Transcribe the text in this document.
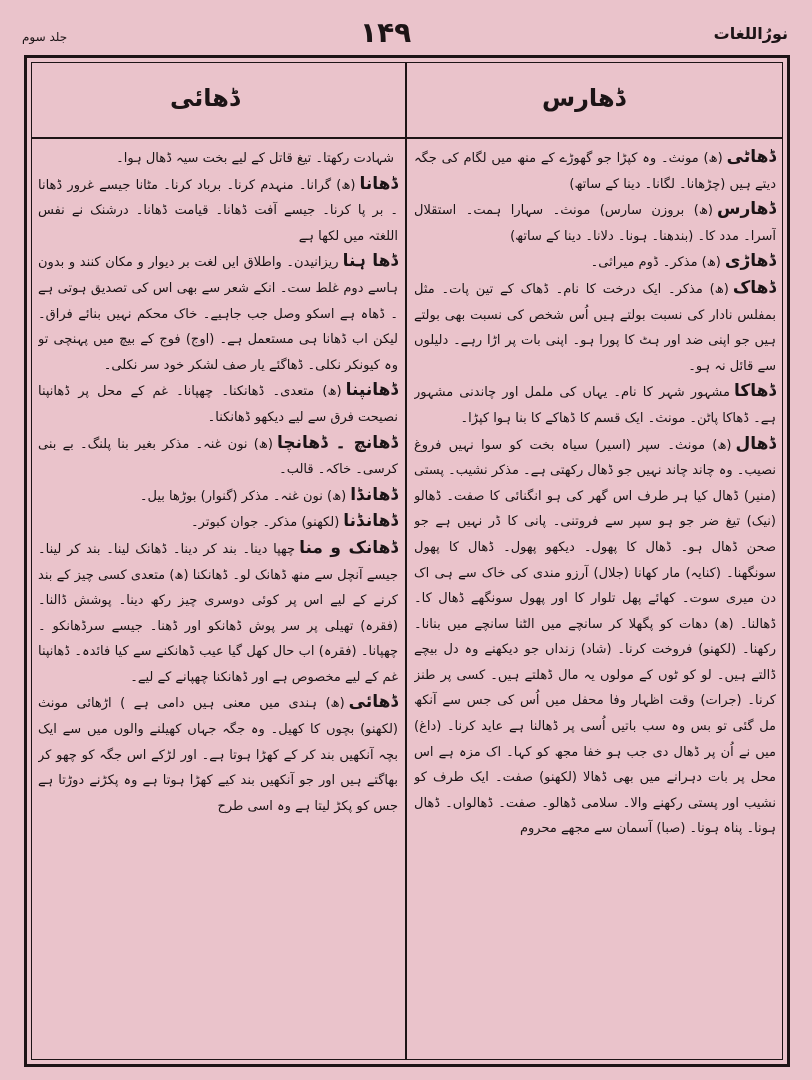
جلد سوم	۱۴۹	نورُاللغات
ڈھائی	ڈھارس

شہادت رکھتا۔ تیغ قاتل کے لیے بخت سیہ ڈھال ہوا۔

ڈھانا(ھ) گرانا۔ منہدم کرنا۔ برباد کرنا۔ مٹانا جیسے غرور ڈھانا ۔ بر پا کرنا۔ جیسے آفت ڈھانا۔ قیامت ڈھانا۔ درشنک نے نفس اللغتہ میں لکھا ہے

ڈھا ہناریزانیدن۔ واطلاق ایں لغت بر دیوار و مکان کنند و بدون ہاسے دوم غلط ست۔ انکے شعر سے بھی اس کی تصدیق ہوتی ہے ۔ ڈھاہ ہے اسکو وصل جب جاہیے۔ خاک محکم نہیں بنائے فراق۔ لیکن اب ڈھانا ہی مستعمل ہے۔ (اوج) فوج کے بیچ میں پہنچی تو وہ کیونکر نکلی۔ ڈھاگئے یار صف لشکر خود سر نکلی۔

ڈھانپنا(ھ) متعدی۔ ڈھانکنا۔ چھپانا۔ غم کے محل پر ڈھانپنا نصیحت فرق سے لیے دیکھو ڈھانکنا۔

ڈھانچ ۔ ڈھانچا(ھ) نون غنہ۔ مذکر بغیر بنا پلنگ۔ بے بنی کرسی۔ خاکہ۔ قالب۔

ڈھانڈا(ھ) نون غنہ۔ مذکر (گنوار) بوڑھا بیل۔

ڈھانڈنا(لکھنو) مذکر۔ جوان کبوتر۔

ڈھانک و مناچھپا دینا۔ بند کر دینا۔ ڈھانک لینا۔ بند کر لینا۔ جیسے آنچل سے منھ ڈھانک لو۔ ڈھانکنا (ھ) متعدی کسی چیز کے بند کرنے کے لیے اس پر کوئی دوسری چیز رکھ دینا۔ پوشش ڈالنا۔ (فقرہ) تھیلی پر سر پوش ڈھانکو اور ڈھنا۔ جیسے سرڈھانکو ۔ چھپانا۔ (فقرہ) اب حال کھل گیا عیب ڈھانکنے سے کیا فائدہ۔ ڈھانپنا غم کے لیے مخصوص ہے اور ڈھانکنا چھپانے کے لیے۔

ڈھائی(ھ) ہندی میں معنی ہیں دامی ہے ) اڑھائی مونث (لکھنو) بچوں کا کھیل۔ وہ جگہ جہاں کھیلنے والوں میں سے ایک بچہ آنکھیں بند کر کے کھڑا ہوتا ہے۔ اور لڑکے اس جگہ کو چھو کر بھاگتے ہیں اور جو آنکھیں بند کیے کھڑا ہوتا ہے وہ پکڑنے دوڑتا ہے جس کو پکڑ لیتا ہے وہ اسی طرح

ڈھاٹی(ھ) مونث۔ وہ کپڑا جو گھوڑے کے منھ میں لگام کی جگہ دیتے ہیں (چڑھانا۔ لگانا۔ دینا کے ساتھ)

ڈھارس(ھ) بروزن سارس) مونث۔ سہارا ہمت۔ استقلال آسرا۔ مدد کا۔ (بندھنا۔ ہونا۔ دلانا۔ دینا کے ساتھ)

ڈھاڑی(ھ) مذکر۔ ڈوم میراثی۔

ڈھاک(ھ) مذکر۔ ایک درخت کا نام۔ ڈھاک کے تین پات۔ مثل بمفلس نادار کی نسبت بولتے ہیں اُس شخص کی نسبت بھی بولتے ہیں جو اپنی ضد اور ہٹ کا پورا ہو۔ اپنی بات پر اڑا رہے۔ دلیلوں سے قائل نہ ہو۔

ڈھاکامشہور شہر کا نام۔ یہاں کی ململ اور چاندنی مشہور ہے۔ ڈھاکا پاٹن۔ مونث۔ ایک قسم کا ڈھاکے کا بنا ہوا کپڑا۔

ڈھال(ھ) مونث۔ سپر (اسیر) سیاہ بخت کو سوا نہیں فروغ نصیب۔ وہ چاند چاند نہیں جو ڈھال رکھتی ہے۔ مذکر نشیب۔ پستی (منیر) ڈھال کیا ہر طرف اس گھر کی ہو انگنائی کا صفت۔ ڈھالو (نیک) تیغ ضر جو ہو سپر سے فروتنی۔ پانی کا ڈر نہیں ہے جو صحن ڈھال ہو۔ ڈھال کا پھول۔ دیکھو پھول۔ ڈھال کا پھول سونگھنا۔ (کنایہ) مار کھانا (جلال) آرزو مندی کی خاک سے ہی اک دن میری سوت۔ کھائے پھل تلوار کا اور پھول سونگھے ڈھال کا۔ ڈھالنا۔ (ھ) دھات کو پگھلا کر سانچے میں الٹنا سانچے میں بنانا۔ رکھنا۔ (لکھنو) فروخت کرنا۔ (شاد) زنداں جو دیکھنے وہ دل بیچے ڈالتے ہیں۔ لو کو ٹوں کے مولوں یہ مال ڈھلتے ہیں۔ کسی پر طنز کرنا۔ (جرات) وقت اظہار وفا محفل میں اُس کی جس سے آنکھ مل گئی تو بس وہ سب باتیں اُسی پر ڈھالنا ہے عاید کرنا۔ (داغ) میں نے اُن پر ڈھال دی جب ہو خفا مجھ کو کہا۔ اک مزہ ہے اس محل پر بات دہرانے میں بھی ڈھالا (لکھنو) صفت۔ ایک طرف کو نشیب اور پستی رکھنے والا۔ سلامی ڈھالو۔ صفت۔ ڈھالواں۔ ڈھال ہونا۔ پناہ ہونا۔ (صبا) آسمان سے مجھے محروم
